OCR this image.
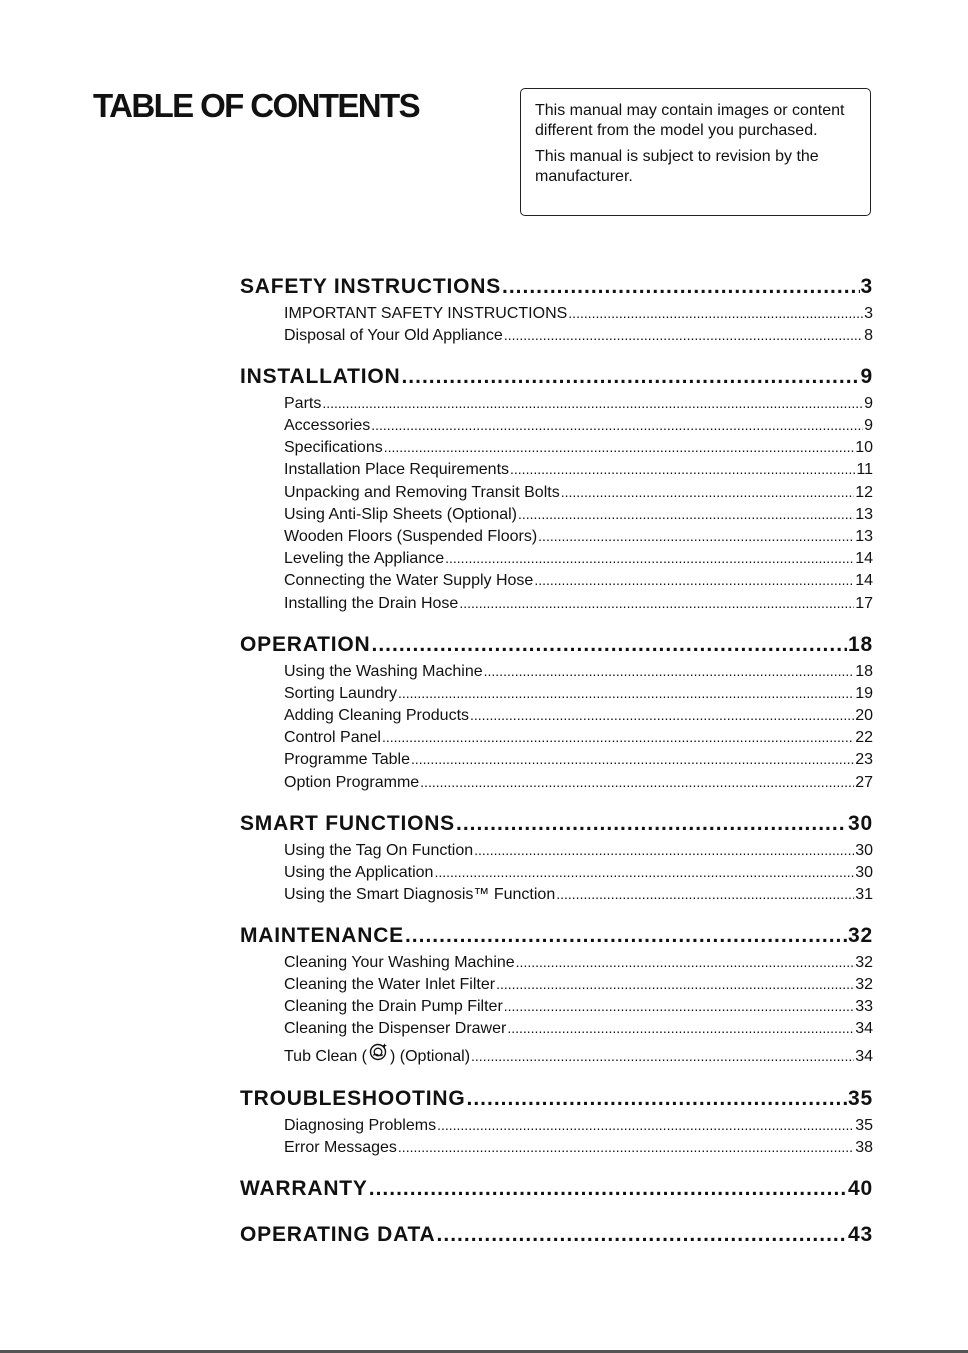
TABLE OF CONTENTS	This manual may contain images or content different from the model you purchased.

This manual is subject to revision by the manufacturer.

SAFETY INSTRUCTIONS .....	3
IMPORTANT SAFETY INSTRUCTIONS .....	3
Disposal of Your Old Appliance .....	8
INSTALLATION .....	9
Parts .....	9
Accessories .....	9
Specifications .....	10
Installation Place Requirements .....	11
Unpacking and Removing Transit Bolts .....	12
Using Anti-Slip Sheets (Optional) .....	13
Wooden Floors (Suspended Floors) .....	13
Leveling the Appliance .....	14
Connecting the Water Supply Hose .....	14
Installing the Drain Hose .....	17
OPERATION .....	18
Using the Washing Machine .....	18
Sorting Laundry .....	19
Adding Cleaning Products .....	20
Control Panel .....	22
Programme Table .....	23
Option Programme .....	27
SMART FUNCTIONS .....	30
Using the Tag On Function .....	30
Using the Application .....	30
Using the Smart Diagnosis™ Function .....	31
MAINTENANCE .....	32
Cleaning Your Washing Machine .....	32
Cleaning the Water Inlet Filter .....	32
Cleaning the Drain Pump Filter .....	33
Cleaning the Dispenser Drawer .....	34
Tub Clean ( ) (Optional) .....	34
TROUBLESHOOTING .....	35
Diagnosing Problems .....	35
Error Messages .....	38
WARRANTY .....	40
OPERATING DATA .....	43
